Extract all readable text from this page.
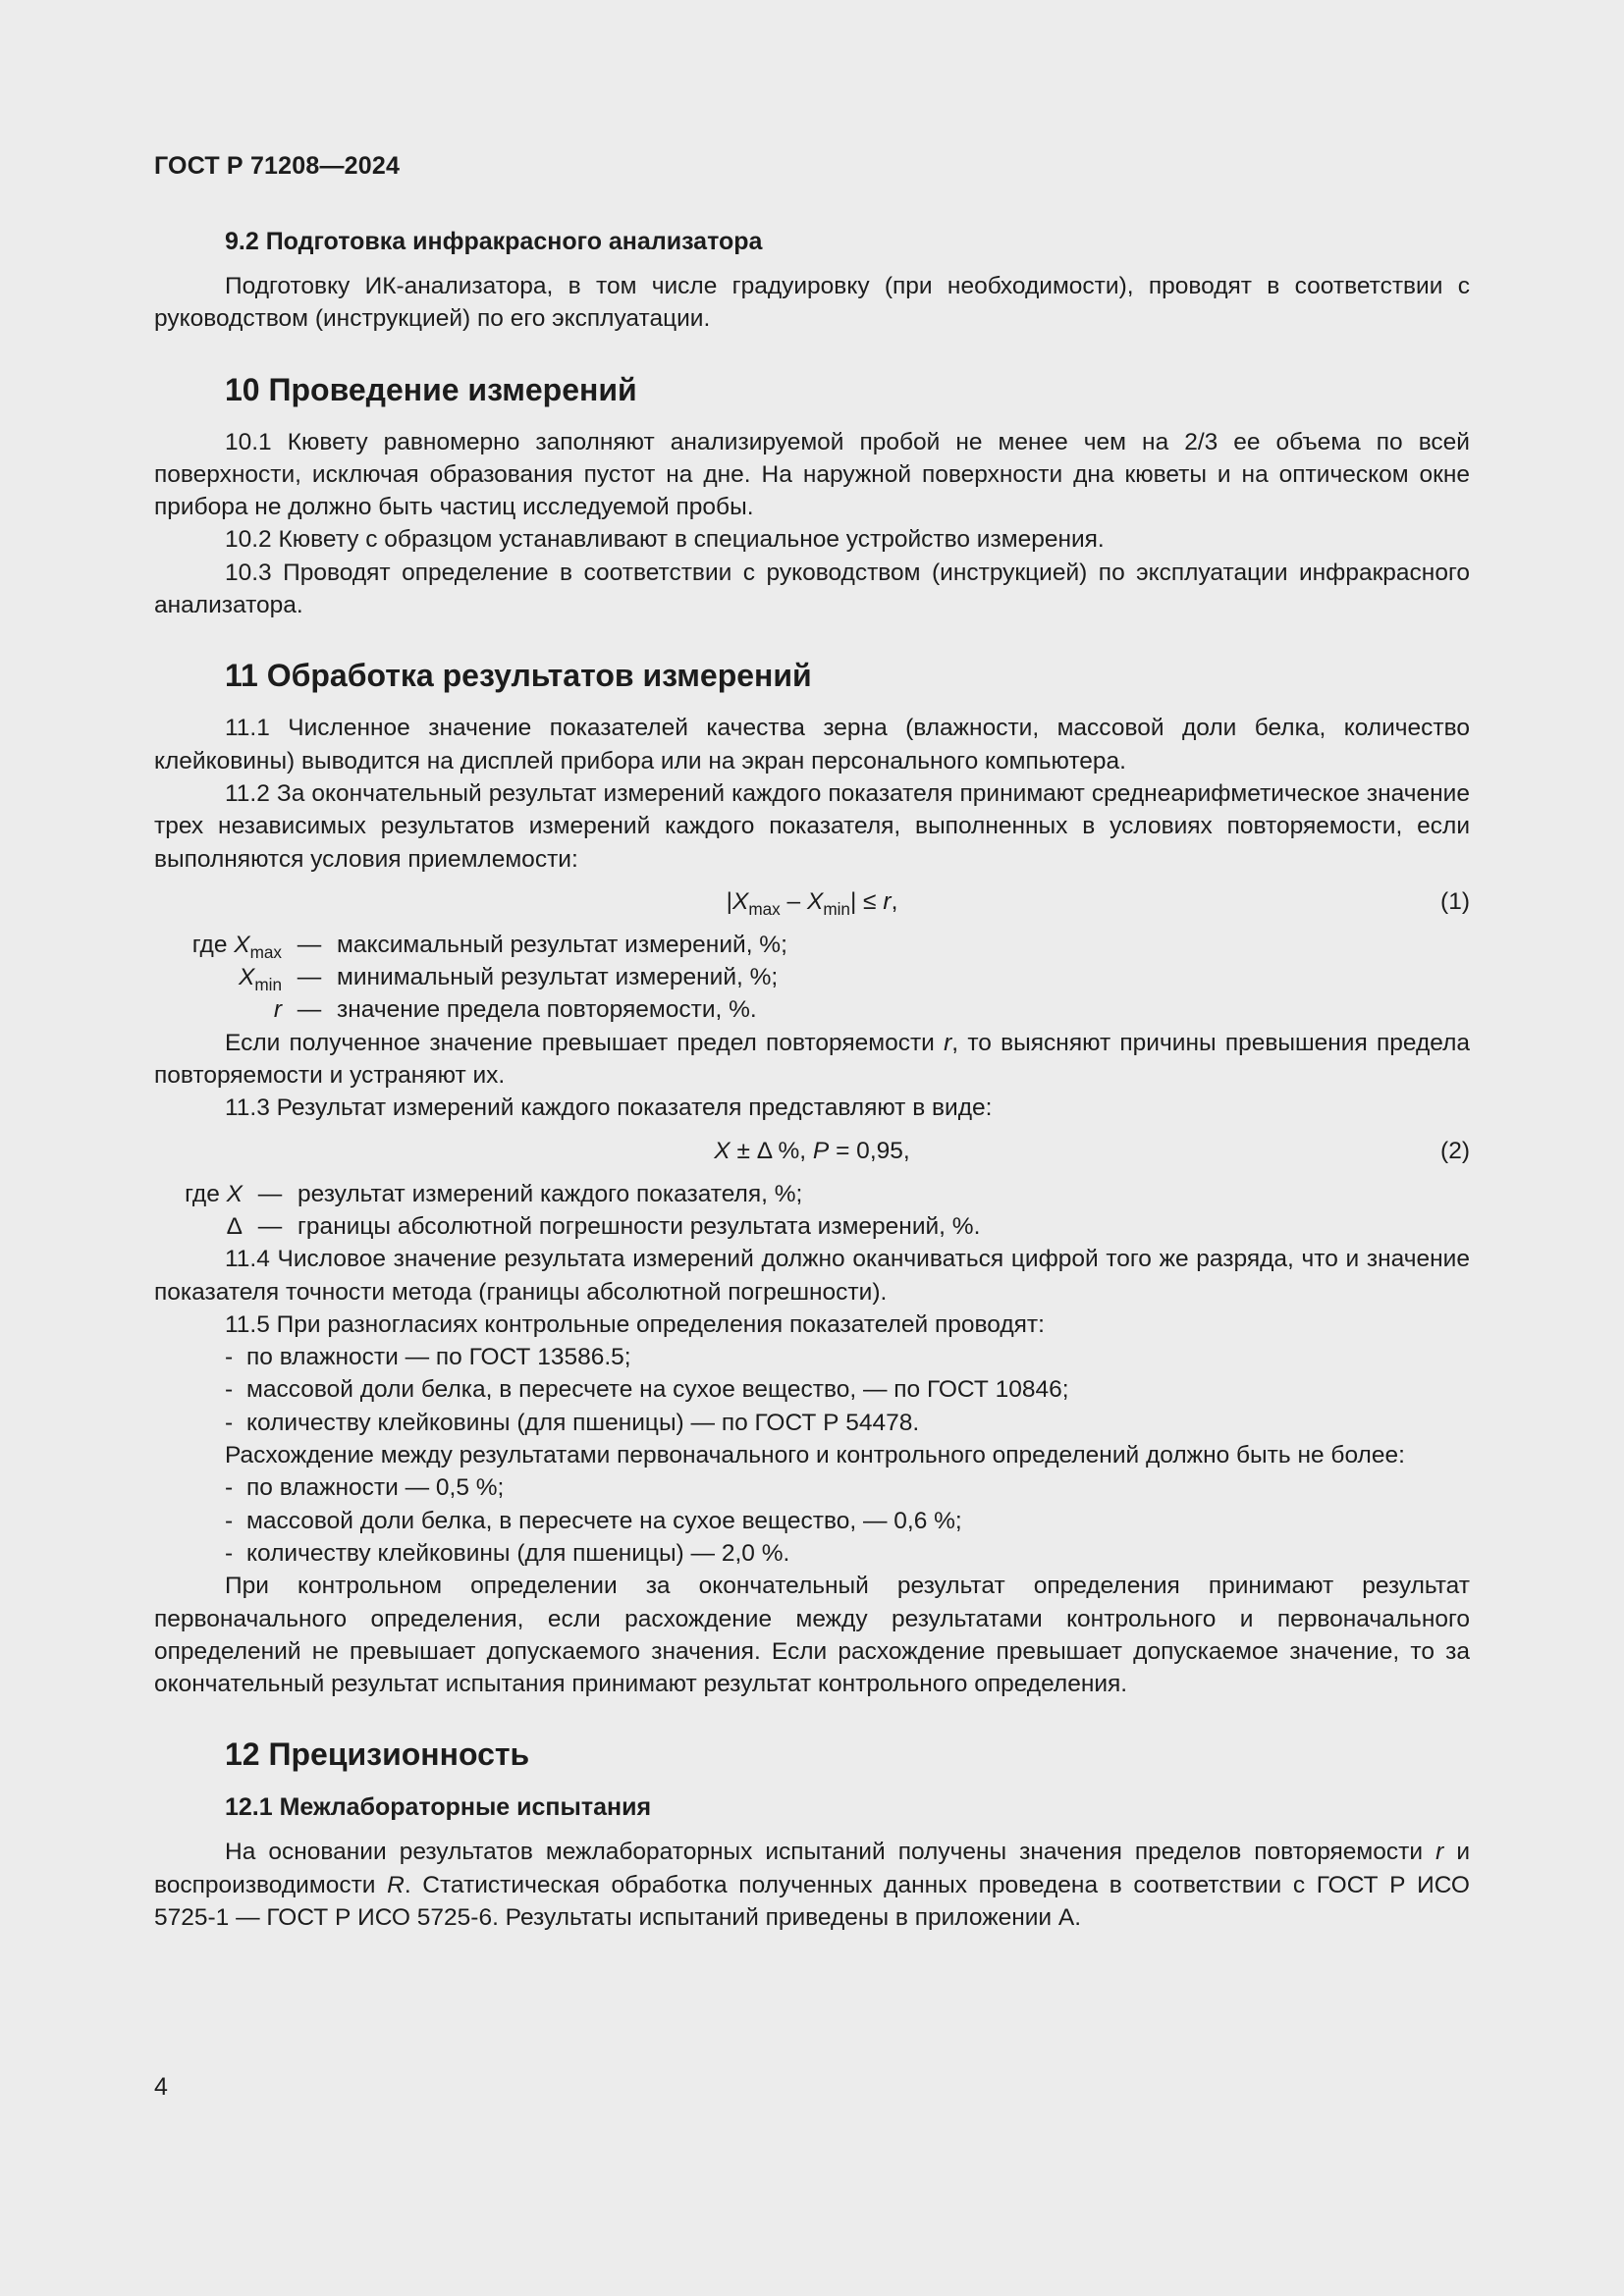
ГОСТ Р 71208—2024
9.2 Подготовка инфракрасного анализатора

Подготовку ИК-анализатора, в том числе градуировку (при необходимости), проводят в соответствии с руководством (инструкцией) по его эксплуатации.

10 Проведение измерений

10.1 Кювету равномерно заполняют анализируемой пробой не менее чем на 2/3 ее объема по всей поверхности, исключая образования пустот на дне. На наружной поверхности дна кюветы и на оптическом окне прибора не должно быть частиц исследуемой пробы.

10.2 Кювету с образцом устанавливают в специальное устройство измерения.

10.3 Проводят определение в соответствии с руководством (инструкцией) по эксплуатации инфракрасного анализатора.

11 Обработка результатов измерений

11.1 Численное значение показателей качества зерна (влажности, массовой доли белка, количество клейковины) выводится на дисплей прибора или на экран персонального компьютера.

11.2 За окончательный результат измерений каждого показателя принимают среднеарифметическое значение трех независимых результатов измерений каждого показателя, выполненных в условиях повторяемости, если выполняются условия приемлемости:

$|X_{max} - X_{min}| \le r$,	(1)
где $X_{max}$ — максимальный результат измерений, %;
$X_{min}$ — минимальный результат измерений, %;
r — значение предела повторяемости, %.

Если полученное значение превышает предел повторяемости r, то выясняют причины превышения предела повторяемости и устраняют их.

11.3 Результат измерений каждого показателя представляют в виде:

X ± Δ %, P = 0,95,	(2)
где X — результат измерений каждого показателя, %;
Δ — границы абсолютной погрешности результата измерений, %.

11.4 Числовое значение результата измерений должно оканчиваться цифрой того же разряда, что и значение показателя точности метода (границы абсолютной погрешности).

11.5 При разногласиях контрольные определения показателей проводят:

- по влажности — по ГОСТ 13586.5;
- массовой доли белка, в пересчете на сухое вещество, — по ГОСТ 10846;
- количеству клейковины (для пшеницы) — по ГОСТ Р 54478.

Расхождение между результатами первоначального и контрольного определений должно быть не более:

- по влажности — 0,5 %;
- массовой доли белка, в пересчете на сухое вещество, — 0,6 %;
- количеству клейковины (для пшеницы) — 2,0 %.

При контрольном определении за окончательный результат определения принимают результат первоначального определения, если расхождение между результатами контрольного и первоначального определений не превышает допускаемого значения. Если расхождение превышает допускаемое значение, то за окончательный результат испытания принимают результат контрольного определения.

12 Прецизионность
12.1 Межлабораторные испытания

На основании результатов межлабораторных испытаний получены значения пределов повторяемости r и воспроизводимости R. Статистическая обработка полученных данных проведена в соответствии с ГОСТ Р ИСО 5725-1 — ГОСТ Р ИСО 5725-6. Результаты испытаний приведены в приложении А.

4
